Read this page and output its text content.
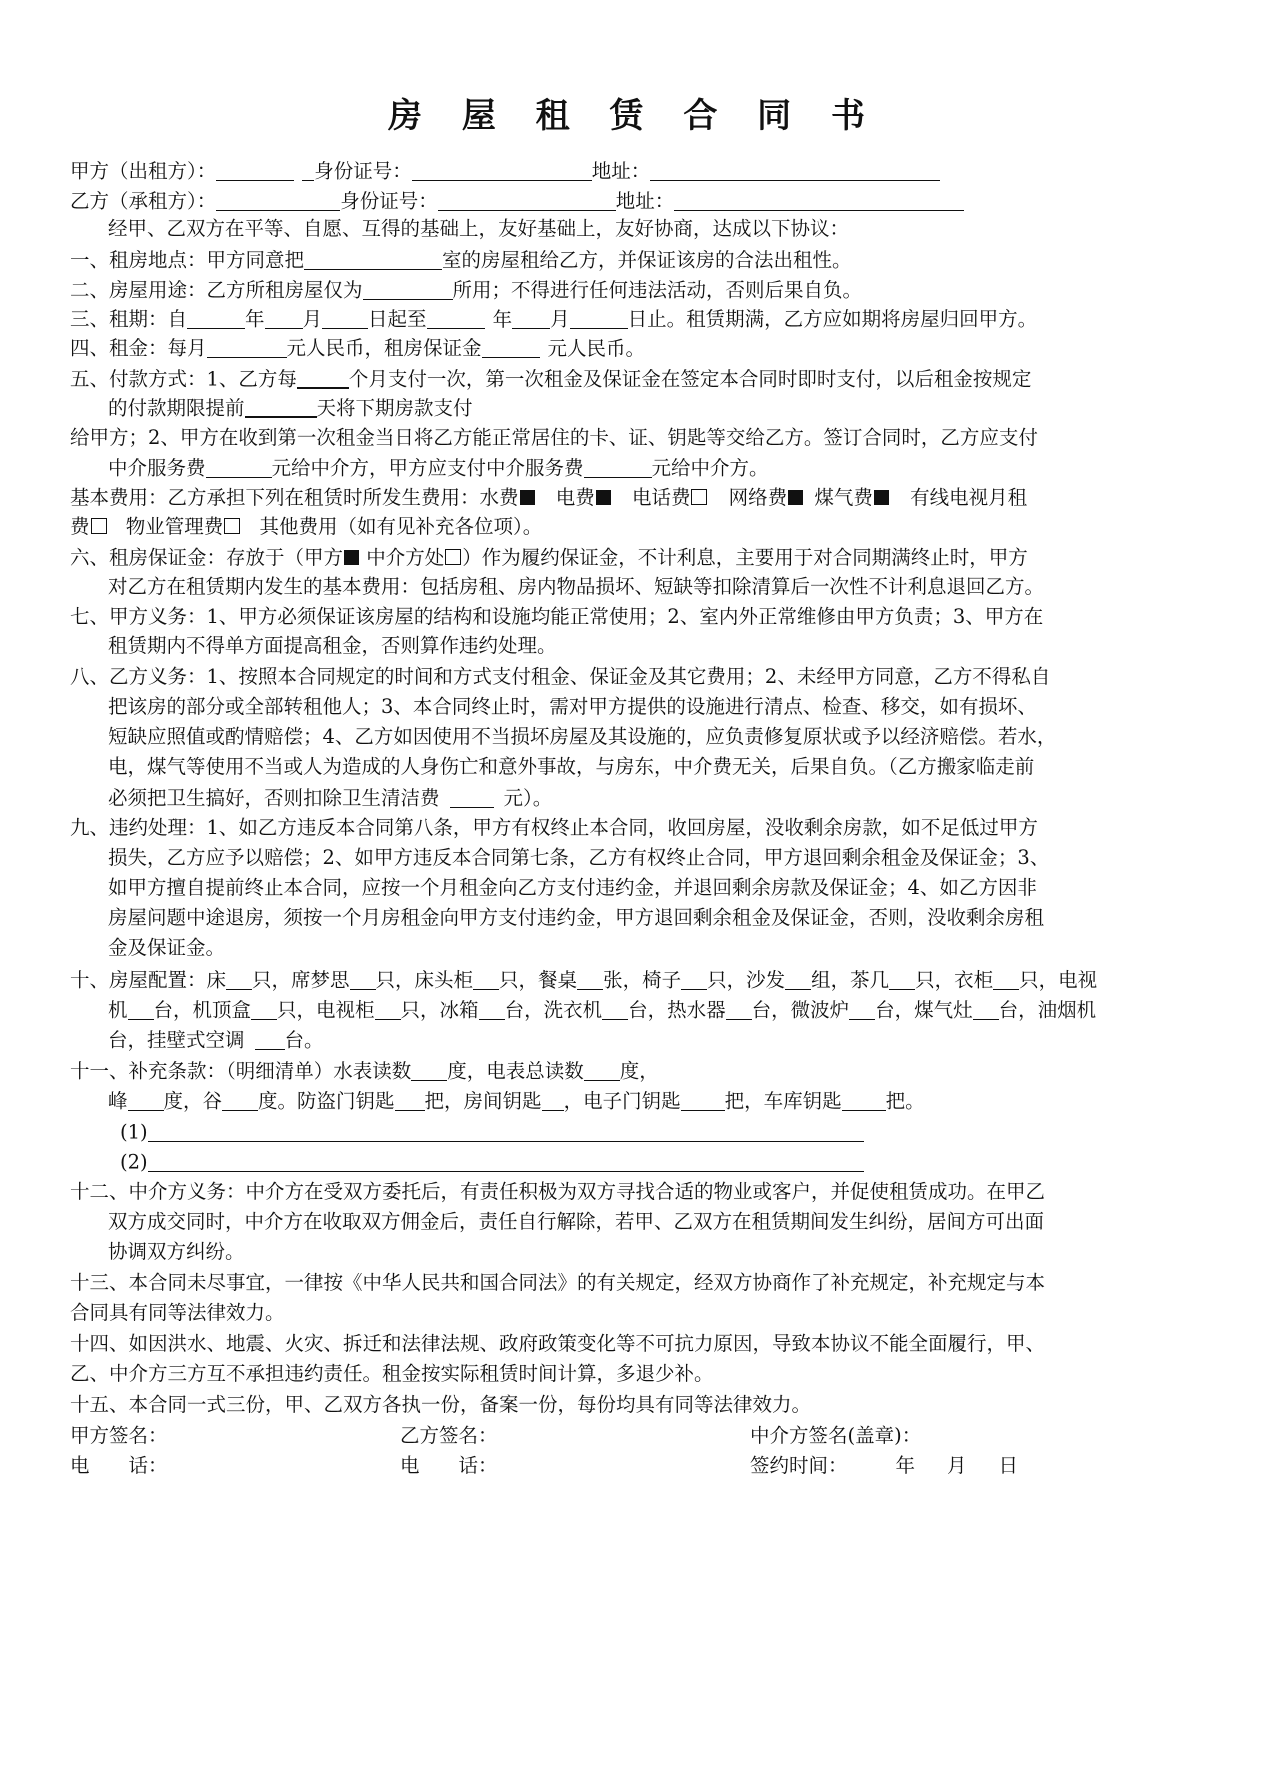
房 屋 租 赁 合 同 书
甲方（出租方）：	身份证号：	地址：
乙方（承租方）：	身份证号：	地址：
经甲、乙双方在平等、自愿、互得的基础上，友好基础上，友好协商，达成以下协议：
一、租房地点：甲方同意把	室的房屋租给乙方，并保证该房的合法出租性。
二、房屋用途：乙方所租房屋仅为	所用；不得进行任何违法活动，否则后果自负。
三、租期：自	年 月 日起至	年 月	日止。租赁期满，乙方应如期将房屋归回甲方。
四、租金：每月	元人民币，租房保证金	元人民币。
五、付款方式：1、乙方每	个月支付一次，第一次租金及保证金在签定本合同时即时支付，以后租金按规定
的付款期限提前	天将下期房款支付
给甲方；2、甲方在收到第一次租金当日将乙方能正常居住的卡、证、钥匙等交给乙方。签订合同时，乙方应支付
中介服务费	元给中介方，甲方应支付中介服务费	元给中介方。
基本费用：乙方承担下列在租赁时所发生费用：水费 电费 电话费 网络费 煤气费 有线电视月租
费 物业管理费 其他费用（如有见补充各位项）。
六、租房保证金：存放于（甲方 中介方处 ）作为履约保证金，不计利息，主要用于对合同期满终止时，甲方
对乙方在租赁期内发生的基本费用：包括房租、房内物品损坏、短缺等扣除清算后一次性不计利息退回乙方。
七、甲方义务：1、甲方必须保证该房屋的结构和设施均能正常使用；2、室内外正常维修由甲方负责；3、甲方在
租赁期内不得单方面提高租金，否则算作违约处理。
八、乙方义务：1、按照本合同规定的时间和方式支付租金、保证金及其它费用；2、未经甲方同意，乙方不得私自
把该房的部分或全部转租他人；3、本合同终止时，需对甲方提供的设施进行清点、检查、移交，如有损坏、
短缺应照值或酌情赔偿；4、乙方如因使用不当损坏房屋及其设施的，应负责修复原状或予以经济赔偿。若水，
电，煤气等使用不当或人为造成的人身伤亡和意外事故，与房东，中介费无关，后果自负。（乙方搬家临走前
必须把卫生搞好，否则扣除卫生清洁费	元）。
九、违约处理：1、如乙方违反本合同第八条，甲方有权终止本合同，收回房屋，没收剩余房款，如不足低过甲方
损失，乙方应予以赔偿；2、如甲方违反本合同第七条，乙方有权终止合同，甲方退回剩余租金及保证金；3、
如甲方擅自提前终止本合同，应按一个月租金向乙方支付违约金，并退回剩余房款及保证金；4、如乙方因非
房屋问题中途退房，须按一个月房租金向甲方支付违约金，甲方退回剩余租金及保证金，否则，没收剩余房租
金及保证金。
十、房屋配置：床 只，席梦思 只，床头柜 只，餐桌 张，椅子 只，沙发 组，茶几 只，衣柜 只，电视
机 台，机顶盒 只，电视柜 只，冰箱 台，洗衣机 台，热水器 台，微波炉 台，煤气灶 台，油烟机
台，挂壁式空调 台。
十一、补充条款：（明细清单）水表读数 度，电表总读数 度，
峰 度，谷 度。防盗门钥匙 把，房间钥匙 ，电子门钥匙 把，车库钥匙 把。
(1)
(2)
十二、中介方义务：中介方在受双方委托后，有责任积极为双方寻找合适的物业或客户，并促使租赁成功。在甲乙
双方成交同时，中介方在收取双方佣金后，责任自行解除，若甲、乙双方在租赁期间发生纠纷，居间方可出面
协调双方纠纷。
十三、本合同未尽事宜，一律按《中华人民共和国合同法》的有关规定，经双方协商作了补充规定，补充规定与本
合同具有同等法律效力。
十四、如因洪水、地震、火灾、拆迁和法律法规、政府政策变化等不可抗力原因，导致本协议不能全面履行，甲、
乙、中介方三方互不承担违约责任。租金按实际租赁时间计算，多退少补。
十五、本合同一式三份，甲、乙双方各执一份，备案一份，每份均具有同等法律效力。
甲方签名：	乙方签名：	中介方签名(盖章)：
电　　话：	电　　话：	签约时间： 年 月 日
